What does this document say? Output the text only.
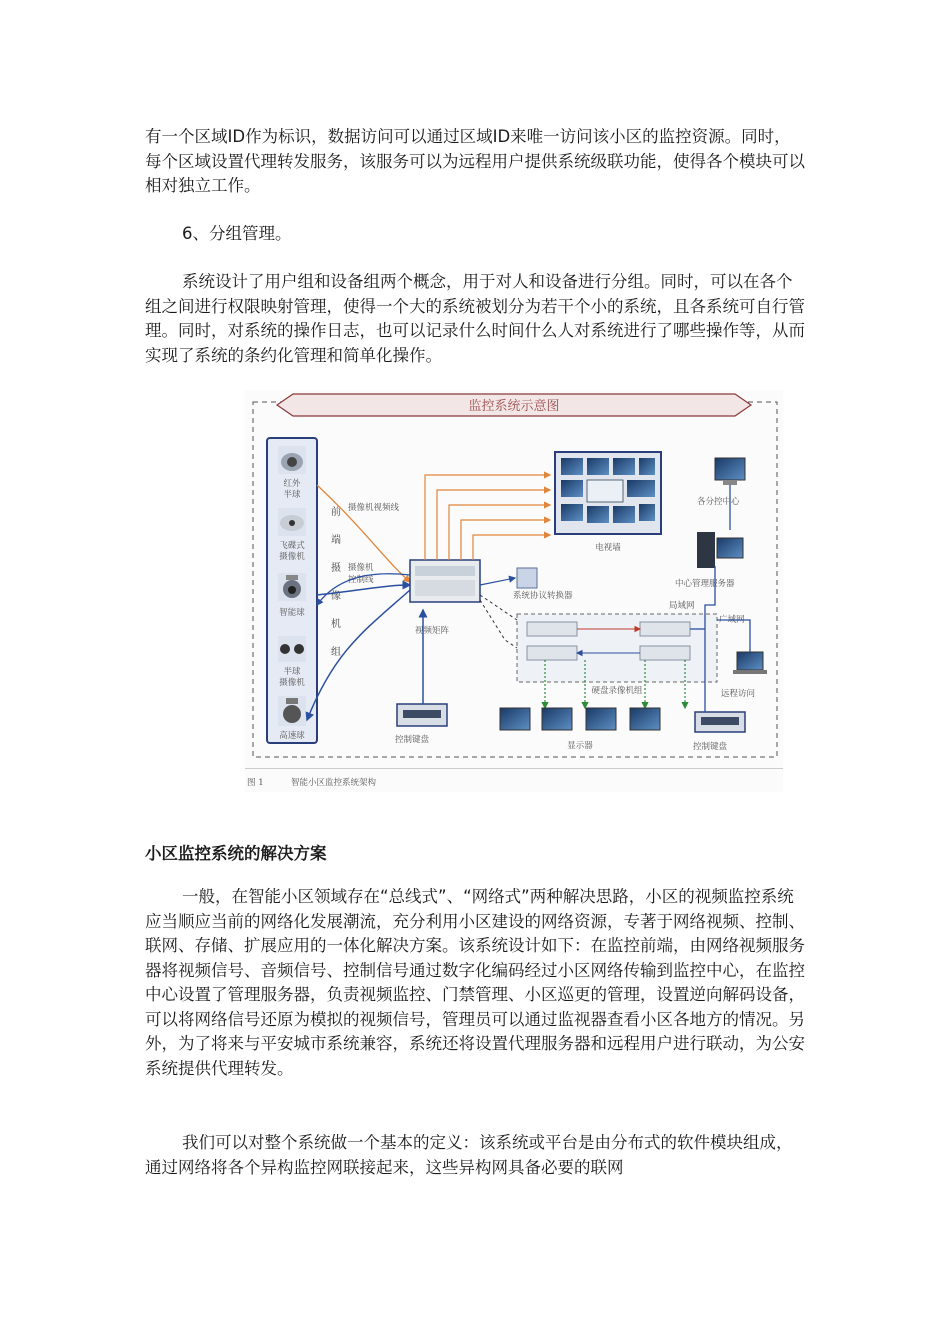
有一个区域ID作为标识，数据访问可以通过区域ID来唯一访问该小区的监控资源。同时，每个区域设置代理转发服务，该服务可以为远程用户提供系统级联功能，使得各个模块可以相对独立工作。

6、分组管理。

系统设计了用户组和设备组两个概念，用于对人和设备进行分组。同时，可以在各个组之间进行权限映射管理，使得一个大的系统被划分为若干个小的系统，且各系统可自行管理。同时，对系统的操作日志，也可以记录什么时间什么人对系统进行了哪些操作等，从而实现了系统的条约化管理和简单化操作。

监控系统示意图
红外
半球
飞碟式
摄像机
智能球
半球
摄像机
高速球
前
端
摄
像
机
组
摄像机视频线
摄像机
控制线
视频矩阵
电视墙
系统协议转换器
硬盘录像机组
显示器
控制键盘
控制键盘
各分控中心
中心管理服务器
局域网
广域网
远程访问
图 1	智能小区监控系统架构

小区监控系统的解决方案

一般，在智能小区领域存在“总线式”、“网络式”两种解决思路，小区的视频监控系统应当顺应当前的网络化发展潮流，充分利用小区建设的网络资源，专著于网络视频、控制、联网、存储、扩展应用的一体化解决方案。该系统设计如下：在监控前端，由网络视频服务器将视频信号、音频信号、控制信号通过数字化编码经过小区网络传输到监控中心，在监控中心设置了管理服务器，负责视频监控、门禁管理、小区巡更的管理，设置逆向解码设备，可以将网络信号还原为模拟的视频信号，管理员可以通过监视器查看小区各地方的情况。另外，为了将来与平安城市系统兼容，系统还将设置代理服务器和远程用户进行联动，为公安系统提供代理转发。

我们可以对整个系统做一个基本的定义：该系统或平台是由分布式的软件模块组成，通过网络将各个异构监控网联接起来，这些异构网具备必要的联网
